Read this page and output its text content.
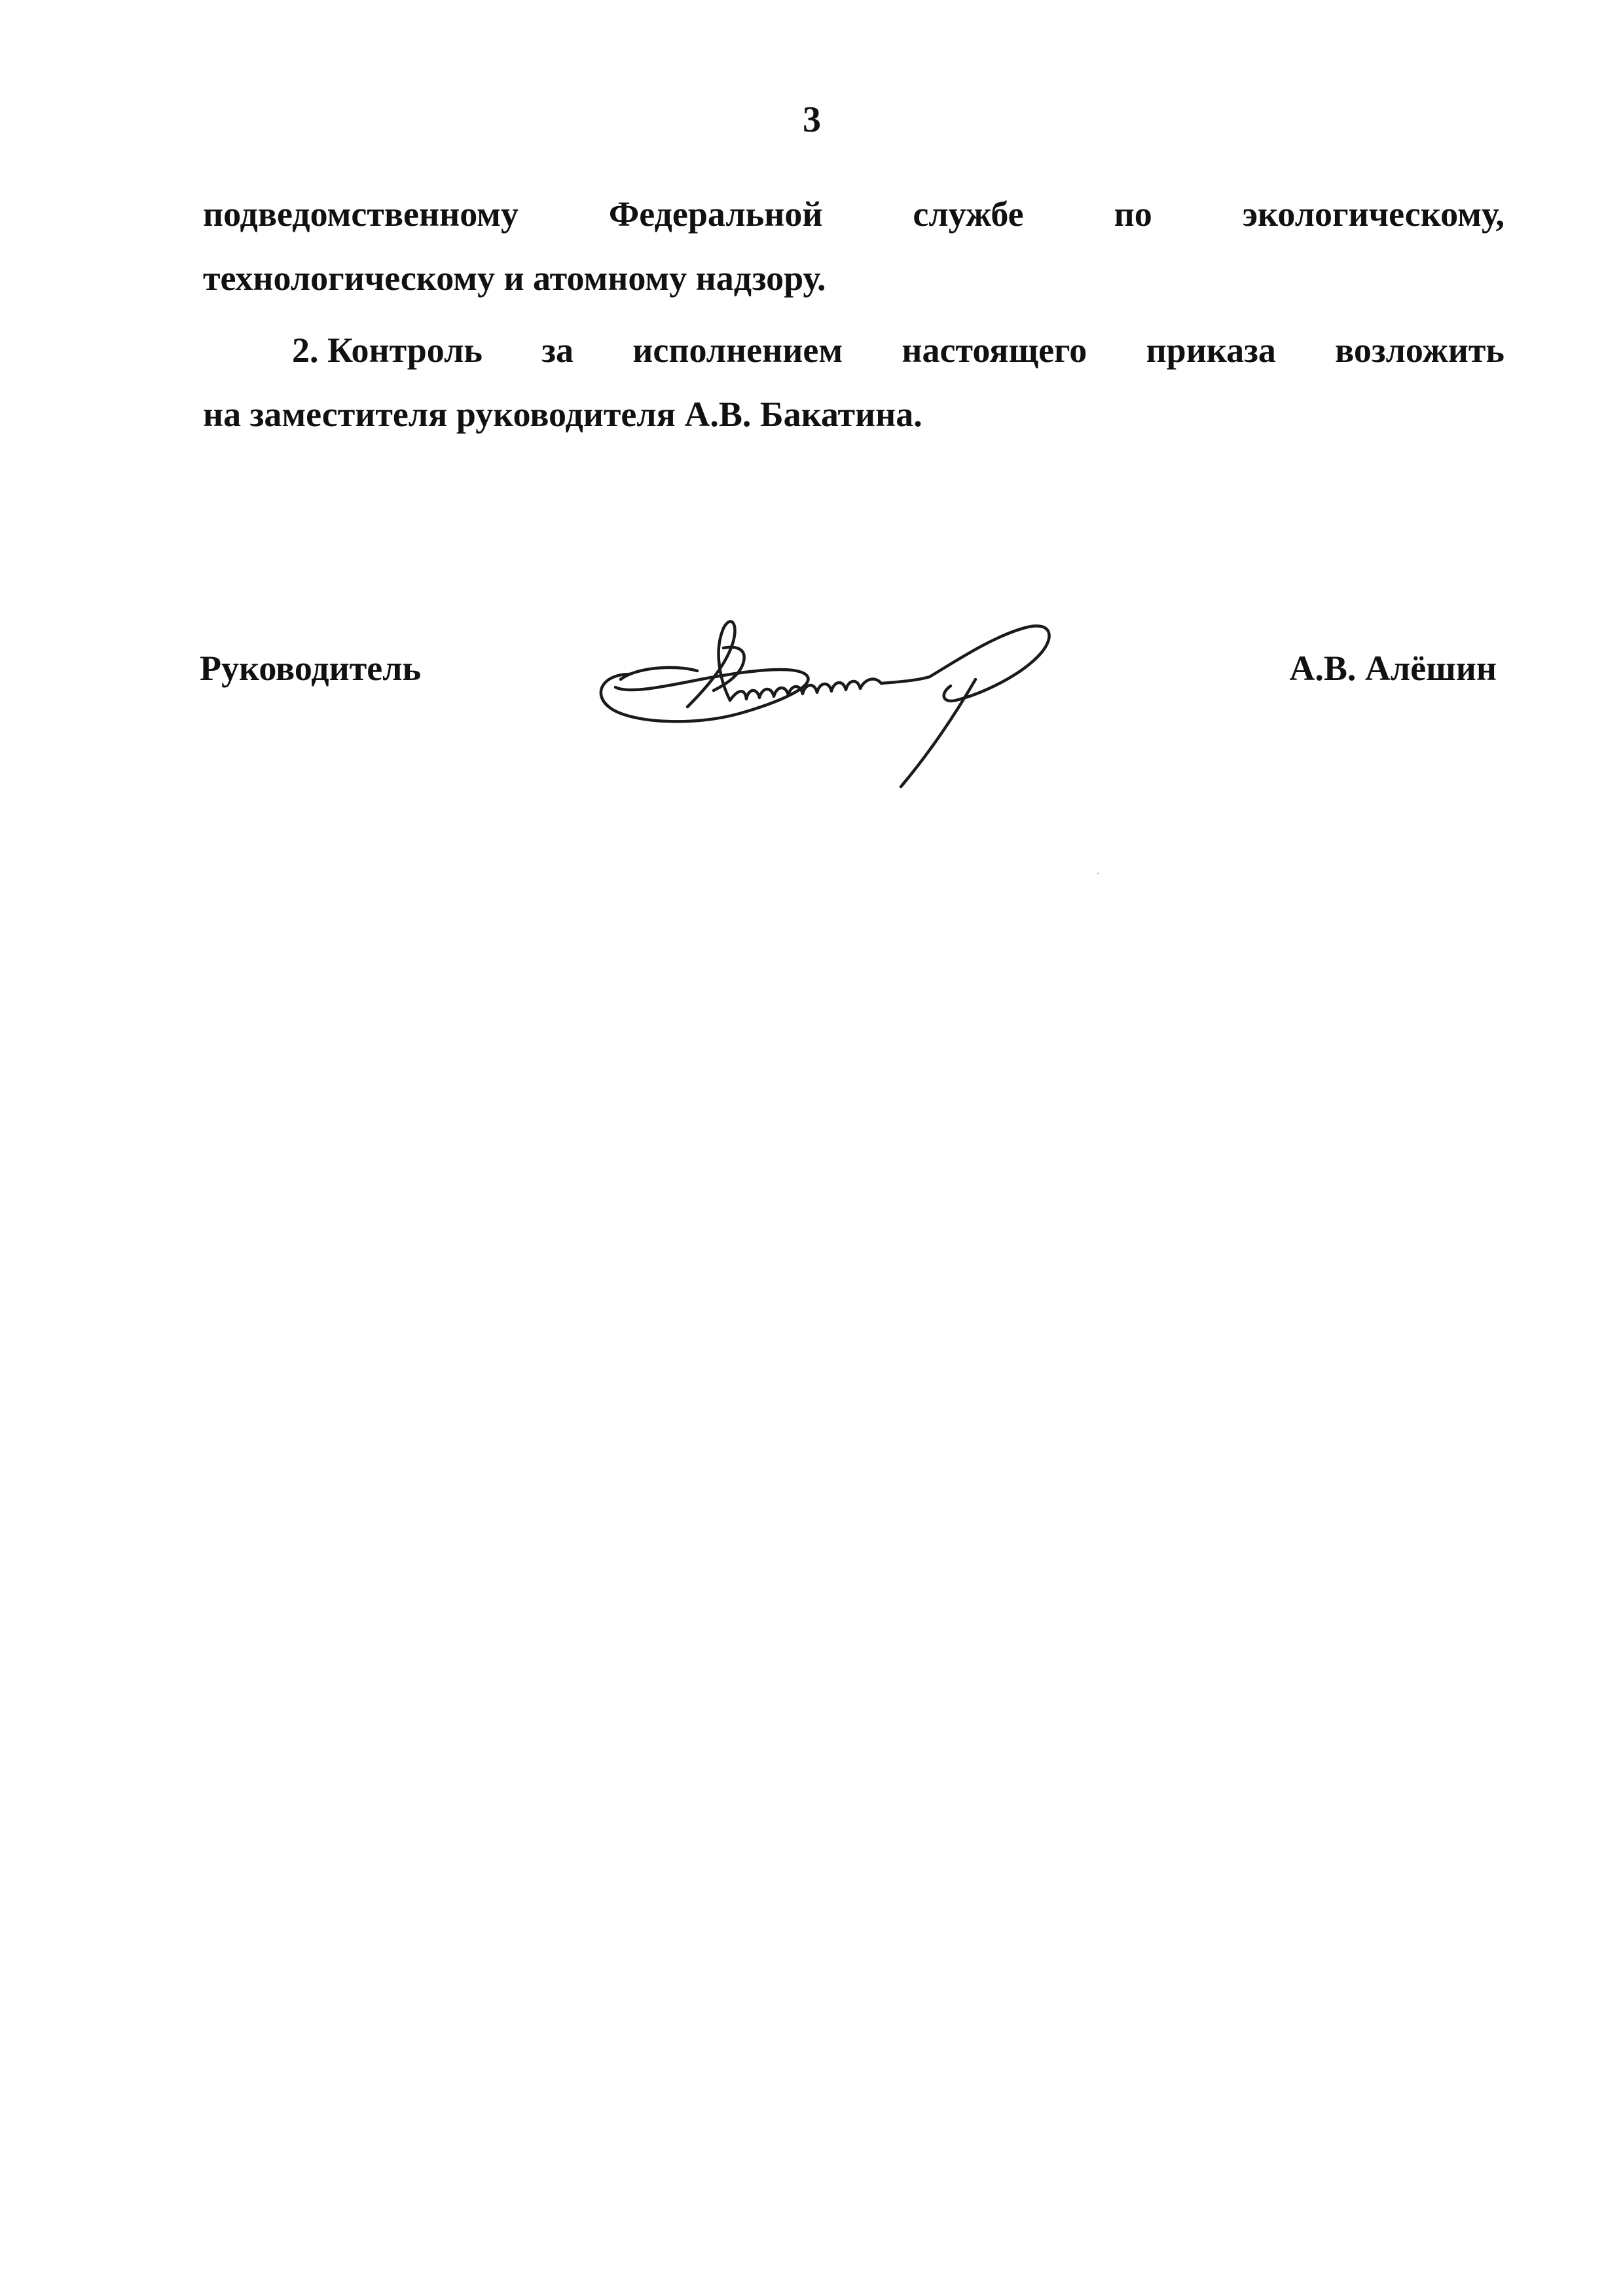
3
подведомственному	Федеральной	службе	по	экологическому,
технологическому и атомному надзору.
2. Контроль за исполнением настоящего приказа возложить
на заместителя руководителя А.В. Бакатина.
Руководитель	А.В. Алёшин
